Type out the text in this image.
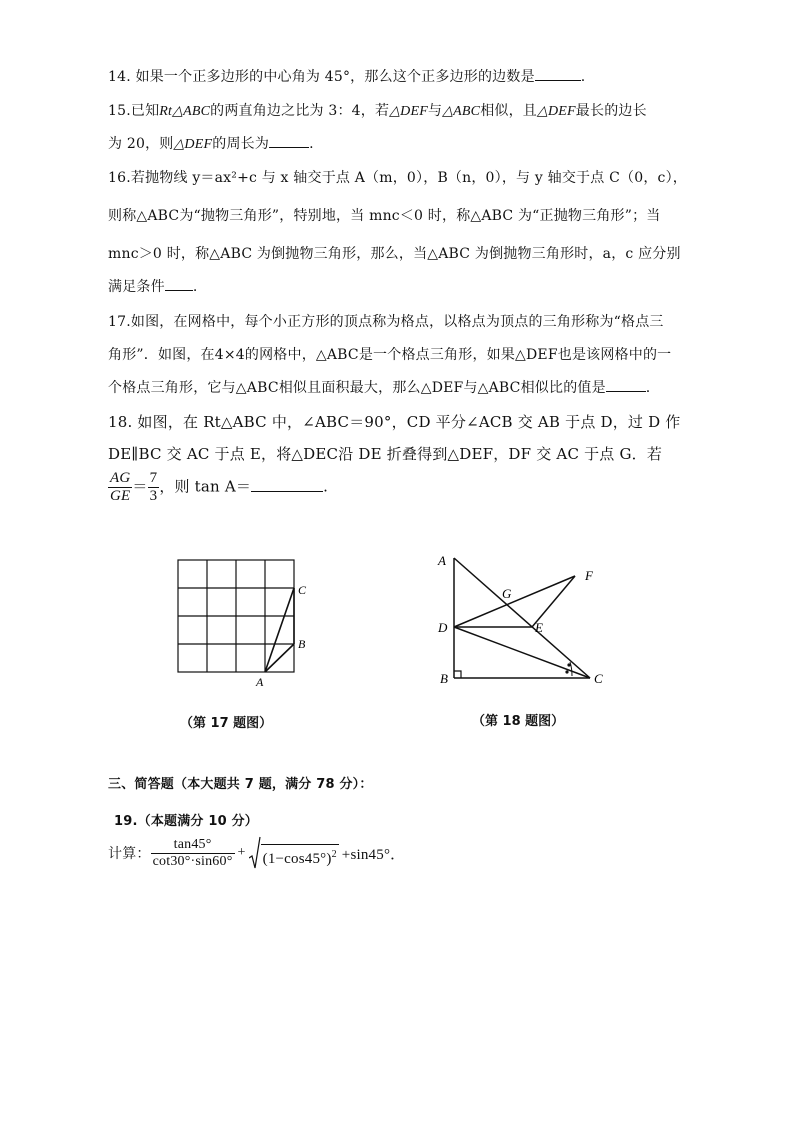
14. 如果一个正多边形的中心角为 45°，那么这个正多边形的边数是	.
15.已知Rt△ABC的两直角边之比为 3：4，若△DEF与△ABC相似，且△DEF最长的边长
为 20，则△DEF的周长为	.
16.若抛物线 y＝ax²+c 与 x 轴交于点 A（m，0），B（n，0），与 y 轴交于点 C（0，c），
则称△ABC为“抛物三角形”，特别地，当 mnc＜0 时，称△ABC 为“正抛物三角形”；当
mnc＞0 时，称△ABC 为倒抛物三角形，那么，当△ABC 为倒抛物三角形时，a，c 应分别
满足条件 .
17.如图，在网格中，每个小正方形的顶点称为格点，以格点为顶点的三角形称为“格点三
角形”．如图，在4×4的网格中，△ABC是一个格点三角形，如果△DEF也是该网格中的一
个格点三角形，它与△ABC相似且面积最大，那么△DEF与△ABC相似比的值是	.
18. 如图，在 Rt△ABC 中，∠ABC＝90°，CD 平分∠ACB 交 AB 于点 D，过 D 作
DE∥BC 交 AC 于点 E，将△DEC沿 DE 折叠得到△DEF，DF 交 AC 于点 G．若
$\frac{AG}{GE} = \frac{7}{3}$ ，则 tan A＝	.
A
B
C
（第 17 题图）
A
B	C
D	E
F
G
（第 18 题图）
三、简答题（本大题共 7 题，满分 78 分）：
19.（本题满分 10 分）
计算： $\frac{\tan 45^\circ}{\cot 30^\circ\cdot\sin 60^\circ} + (1-\cos 45^\circ)^2 +\sin 45^\circ$．
